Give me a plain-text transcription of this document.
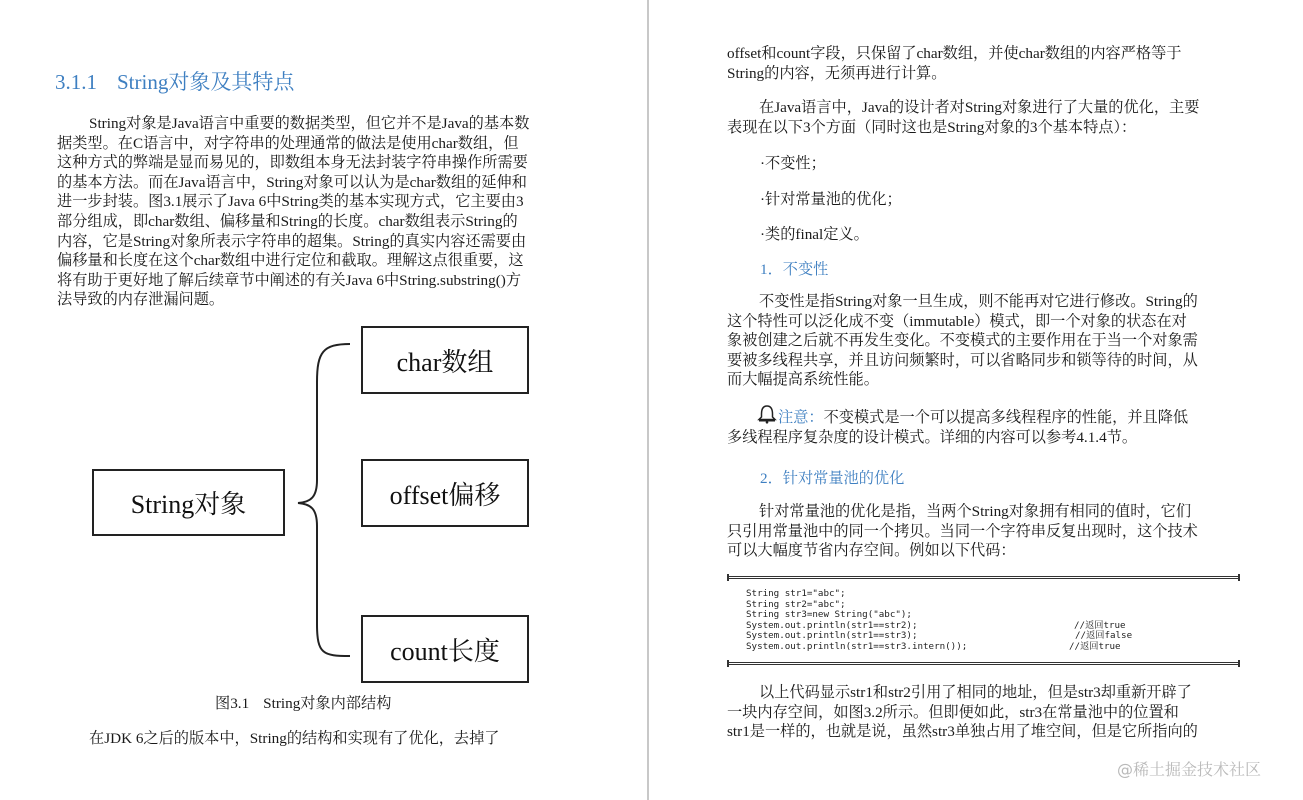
3.1.1 String对象及其特点
String对象是Java语言中重要的数据类型，但它并不是Java的基本数
据类型。在C语言中，对字符串的处理通常的做法是使用char数组，但
这种方式的弊端是显而易见的，即数组本身无法封装字符串操作所需要
的基本方法。而在Java语言中，String对象可以认为是char数组的延伸和
进一步封装。图3.1展示了Java 6中String类的基本实现方式，它主要由3
部分组成，即char数组、偏移量和String的长度。char数组表示String的
内容，它是String对象所表示字符串的超集。String的真实内容还需要由
偏移量和长度在这个char数组中进行定位和截取。理解这点很重要，这
将有助于更好地了解后续章节中阐述的有关Java 6中String.substring()方
法导致的内存泄漏问题。
String对象
char数组
offset偏移
count长度
图3.1 String对象内部结构
在JDK 6之后的版本中，String的结构和实现有了优化，去掉了
offset和count字段，只保留了char数组，并使char数组的内容严格等于
String的内容，无须再进行计算。
在Java语言中，Java的设计者对String对象进行了大量的优化，主要
表现在以下3个方面（同时这也是String对象的3个基本特点）：
·不变性；
·针对常量池的优化；
·类的final定义。
1．不变性
不变性是指String对象一旦生成，则不能再对它进行修改。String的
这个特性可以泛化成不变（immutable）模式，即一个对象的状态在对
象被创建之后就不再发生变化。不变模式的主要作用在于当一个对象需
要被多线程共享，并且访问频繁时，可以省略同步和锁等待的时间，从
而大幅提高系统性能。
注意：不变模式是一个可以提高多线程程序的性能，并且降低
多线程程序复杂度的设计模式。详细的内容可以参考4.1.4节。
2．针对常量池的优化
针对常量池的优化是指，当两个String对象拥有相同的值时，它们
只引用常量池中的同一个拷贝。当同一个字符串反复出现时，这个技术
可以大幅度节省内存空间。例如以下代码：
String str1="abc";
String str2="abc";
String str3=new String("abc");
System.out.println(str1==str2);	//返回true
System.out.println(str1==str3);	//返回false
System.out.println(str1==str3.intern());	//返回true
以上代码显示str1和str2引用了相同的地址，但是str3却重新开辟了
一块内存空间，如图3.2所示。但即便如此，str3在常量池中的位置和
str1是一样的，也就是说，虽然str3单独占用了堆空间，但是它所指向的
@稀土掘金技术社区
